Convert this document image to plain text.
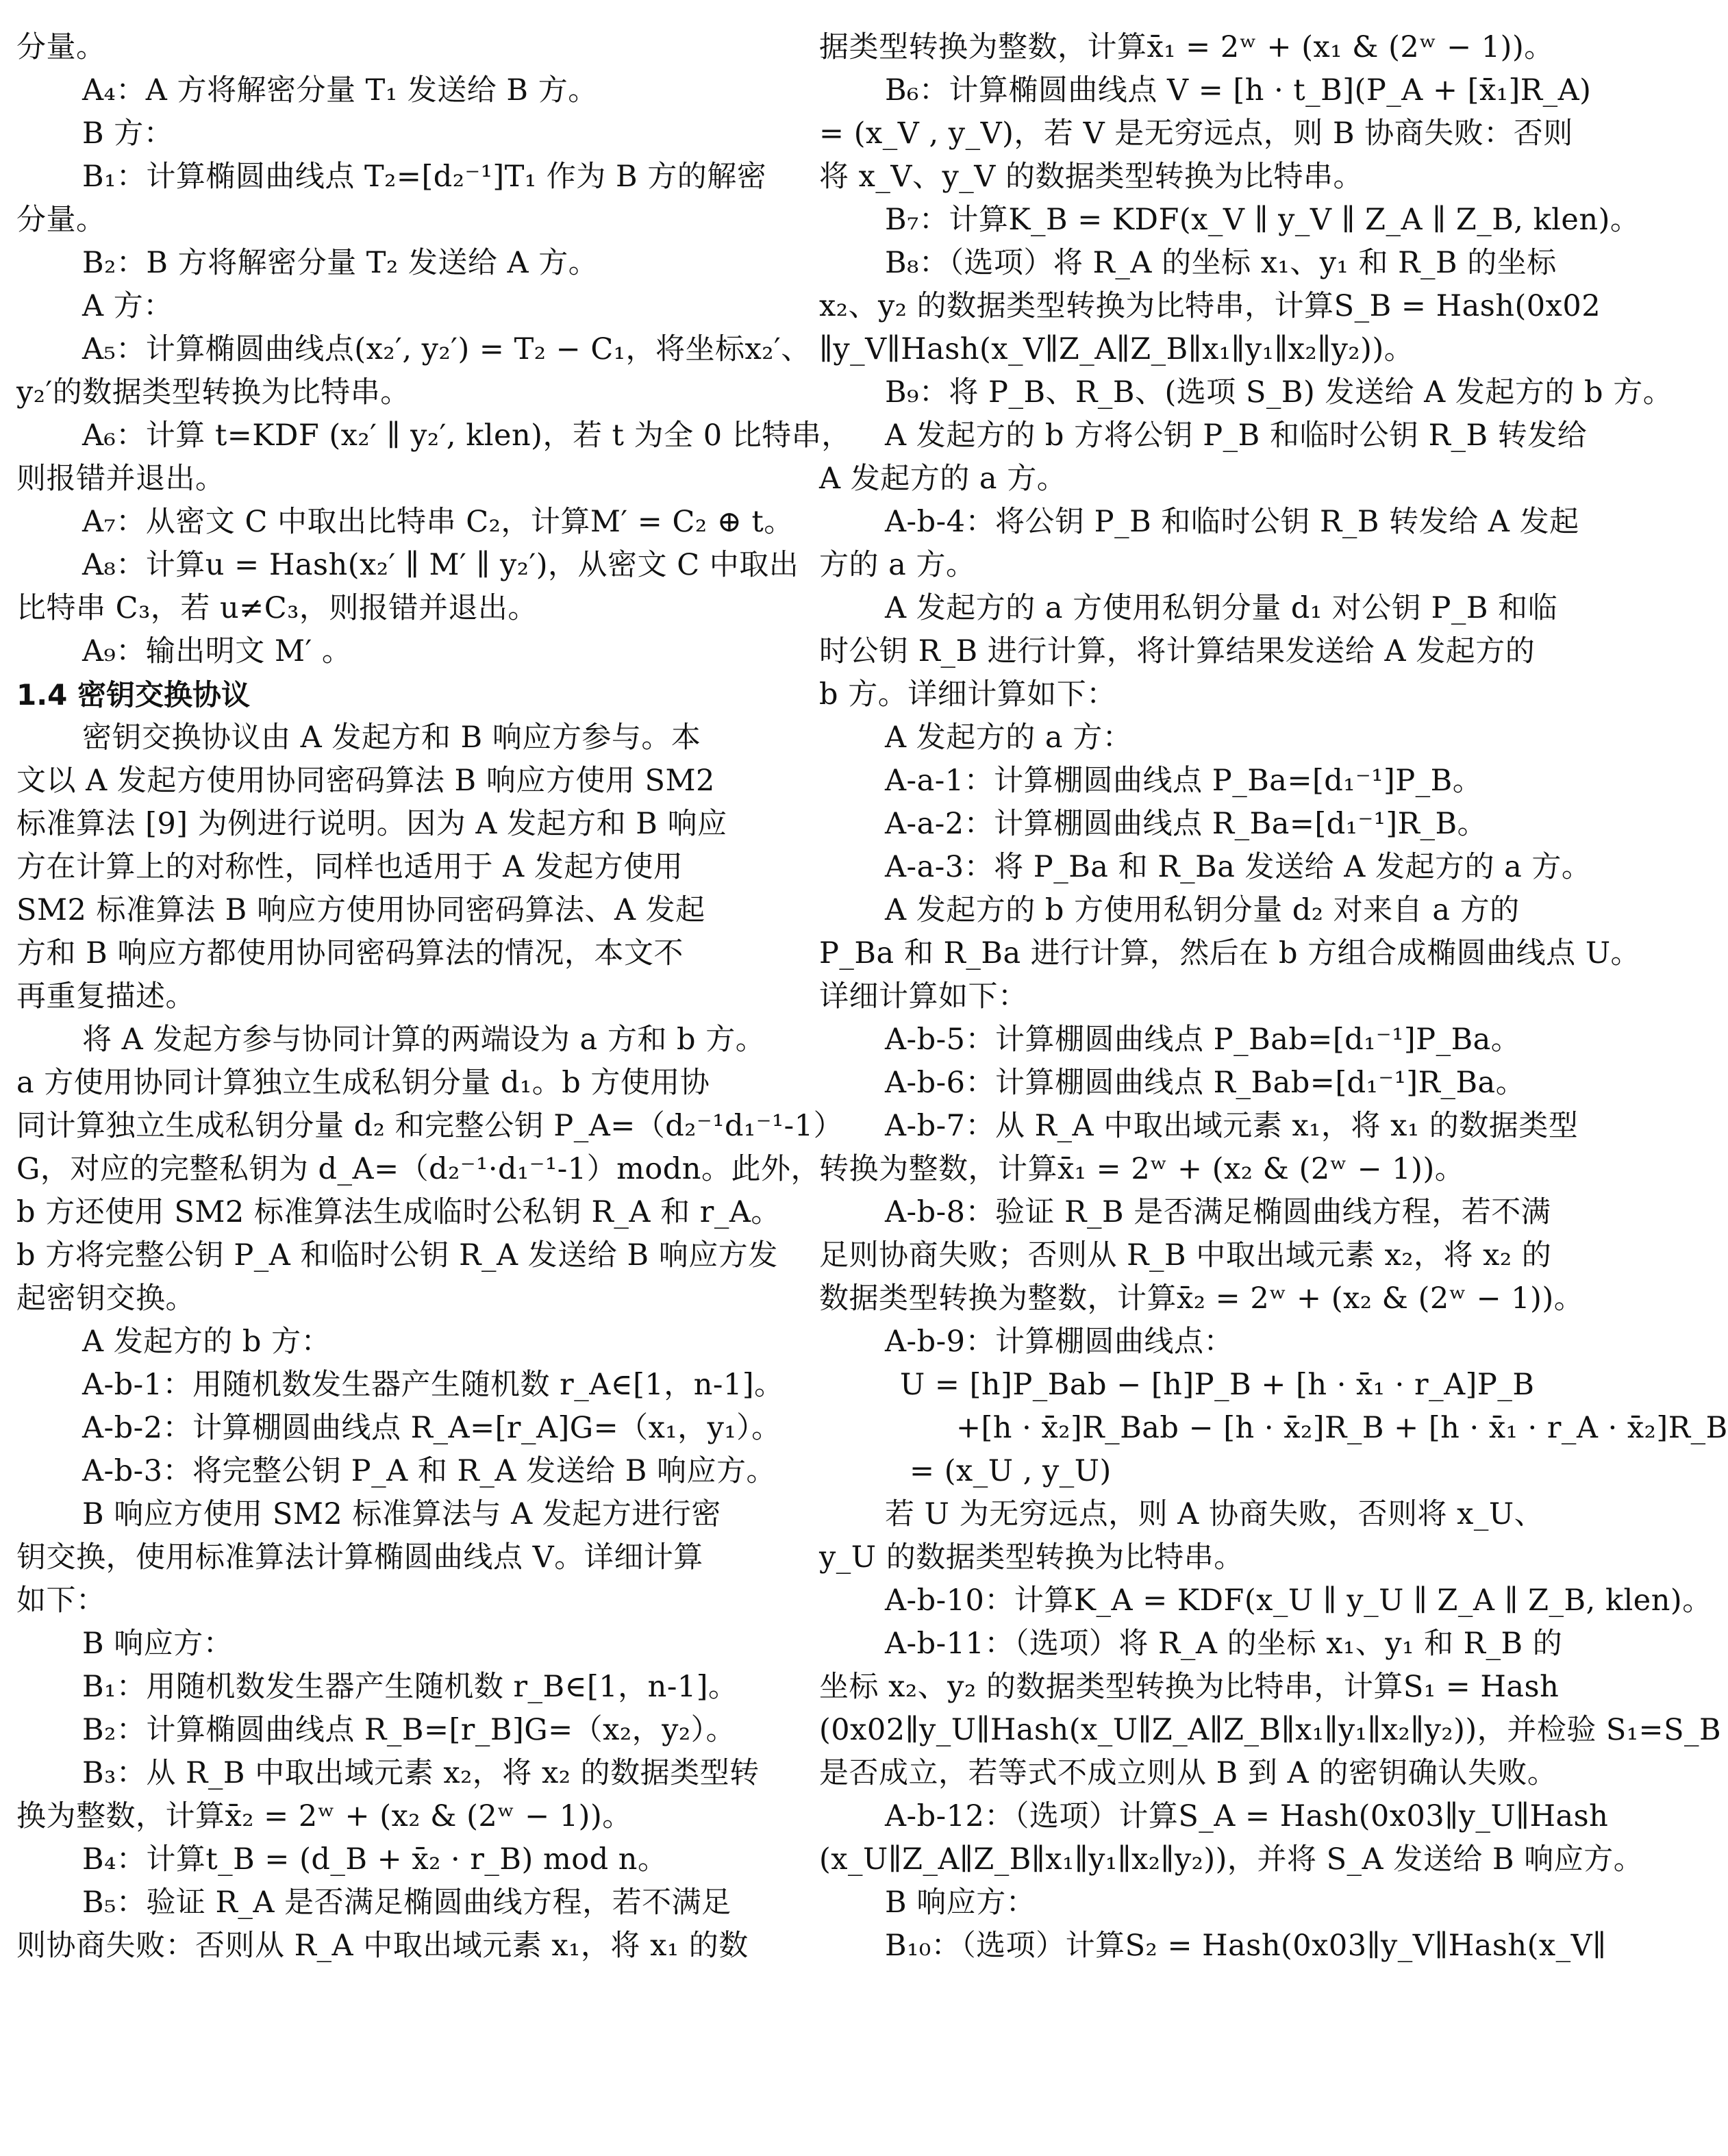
分量。
A₄：A 方将解密分量 T₁ 发送给 B 方。
B 方：
B₁：计算椭圆曲线点 T₂=[d₂⁻¹]T₁ 作为 B 方的解密
分量。
B₂：B 方将解密分量 T₂ 发送给 A 方。
A 方：
A₅：计算椭圆曲线点(x₂′, y₂′) = T₂ − C₁，将坐标x₂′、
y₂′的数据类型转换为比特串。
A₆：计算 t=KDF (x₂′ ∥ y₂′, klen)，若 t 为全 0 比特串，
则报错并退出。
A₇：从密文 C 中取出比特串 C₂，计算M′ = C₂ ⊕ t。
A₈：计算u = Hash(x₂′ ∥ M′ ∥ y₂′)，从密文 C 中取出
比特串 C₃，若 u≠C₃，则报错并退出。
A₉：输出明文 M′ 。
1.4 密钥交换协议
密钥交换协议由 A 发起方和 B 响应方参与。本
文以 A 发起方使用协同密码算法 B 响应方使用 SM2
标准算法 [9] 为例进行说明。因为 A 发起方和 B 响应
方在计算上的对称性，同样也适用于 A 发起方使用
SM2 标准算法 B 响应方使用协同密码算法、A 发起
方和 B 响应方都使用协同密码算法的情况，本文不
再重复描述。
将 A 发起方参与协同计算的两端设为 a 方和 b 方。
a 方使用协同计算独立生成私钥分量 d₁。b 方使用协
同计算独立生成私钥分量 d₂ 和完整公钥 P_A=（d₂⁻¹d₁⁻¹-1）
G，对应的完整私钥为 d_A=（d₂⁻¹·d₁⁻¹-1）modn。此外，
b 方还使用 SM2 标准算法生成临时公私钥 R_A 和 r_A。
b 方将完整公钥 P_A 和临时公钥 R_A 发送给 B 响应方发
起密钥交换。
A 发起方的 b 方：
A-b-1：用随机数发生器产生随机数 r_A∈[1，n-1]。
A-b-2：计算棚圆曲线点 R_A=[r_A]G=（x₁，y₁）。
A-b-3：将完整公钥 P_A 和 R_A 发送给 B 响应方。
B 响应方使用 SM2 标准算法与 A 发起方进行密
钥交换，使用标准算法计算椭圆曲线点 V。详细计算
如下：
B 响应方：
B₁：用随机数发生器产生随机数 r_B∈[1，n-1]。
B₂：计算椭圆曲线点 R_B=[r_B]G=（x₂，y₂）。
B₃：从 R_B 中取出域元素 x₂，将 x₂ 的数据类型转
换为整数，计算x̄₂ = 2ʷ + (x₂ & (2ʷ − 1))。
B₄：计算t_B = (d_B + x̄₂ · r_B) mod n。
B₅：验证 R_A 是否满足椭圆曲线方程，若不满足
则协商失败：否则从 R_A 中取出域元素 x₁，将 x₁ 的数
据类型转换为整数，计算x̄₁ = 2ʷ + (x₁ & (2ʷ − 1))。
B₆：计算椭圆曲线点 V = [h · t_B](P_A + [x̄₁]R_A)
= (x_V , y_V)，若 V 是无穷远点，则 B 协商失败：否则
将 x_V、y_V 的数据类型转换为比特串。
B₇：计算K_B = KDF(x_V ∥ y_V ∥ Z_A ∥ Z_B, klen)。
B₈：（选项）将 R_A 的坐标 x₁、y₁ 和 R_B 的坐标
x₂、y₂ 的数据类型转换为比特串，计算S_B = Hash(0x02
∥y_V∥Hash(x_V∥Z_A∥Z_B∥x₁∥y₁∥x₂∥y₂))。
B₉：将 P_B、R_B、(选项 S_B) 发送给 A 发起方的 b 方。
A 发起方的 b 方将公钥 P_B 和临时公钥 R_B 转发给
A 发起方的 a 方。
A-b-4：将公钥 P_B 和临时公钥 R_B 转发给 A 发起
方的 a 方。
A 发起方的 a 方使用私钥分量 d₁ 对公钥 P_B 和临
时公钥 R_B 进行计算，将计算结果发送给 A 发起方的
b 方。详细计算如下：
A 发起方的 a 方：
A-a-1：计算棚圆曲线点 P_Ba=[d₁⁻¹]P_B。
A-a-2：计算棚圆曲线点 R_Ba=[d₁⁻¹]R_B。
A-a-3：将 P_Ba 和 R_Ba 发送给 A 发起方的 a 方。
A 发起方的 b 方使用私钥分量 d₂ 对来自 a 方的
P_Ba 和 R_Ba 进行计算，然后在 b 方组合成椭圆曲线点 U。
详细计算如下：
A-b-5：计算棚圆曲线点 P_Bab=[d₁⁻¹]P_Ba。
A-b-6：计算棚圆曲线点 R_Bab=[d₁⁻¹]R_Ba。
A-b-7：从 R_A 中取出域元素 x₁，将 x₁ 的数据类型
转换为整数，计算x̄₁ = 2ʷ + (x₂ & (2ʷ − 1))。
A-b-8：验证 R_B 是否满足椭圆曲线方程，若不满
足则协商失败；否则从 R_B 中取出域元素 x₂，将 x₂ 的
数据类型转换为整数，计算x̄₂ = 2ʷ + (x₂ & (2ʷ − 1))。
A-b-9：计算棚圆曲线点：
U = [h]P_Bab − [h]P_B + [h · x̄₁ · r_A]P_B
+[h · x̄₂]R_Bab − [h · x̄₂]R_B + [h · x̄₁ · r_A · x̄₂]R_B
= (x_U , y_U)
若 U 为无穷远点，则 A 协商失败，否则将 x_U、
y_U 的数据类型转换为比特串。
A-b-10：计算K_A = KDF(x_U ∥ y_U ∥ Z_A ∥ Z_B, klen)。
A-b-11：（选项）将 R_A 的坐标 x₁、y₁ 和 R_B 的
坐标 x₂、y₂ 的数据类型转换为比特串，计算S₁ = Hash
(0x02∥y_U∥Hash(x_U∥Z_A∥Z_B∥x₁∥y₁∥x₂∥y₂))，并检验 S₁=S_B
是否成立，若等式不成立则从 B 到 A 的密钥确认失败。
A-b-12：（选项）计算S_A = Hash(0x03∥y_U∥Hash
(x_U∥Z_A∥Z_B∥x₁∥y₁∥x₂∥y₂))，并将 S_A 发送给 B 响应方。
B 响应方：
B₁₀：（选项）计算S₂ = Hash(0x03∥y_V∥Hash(x_V∥
